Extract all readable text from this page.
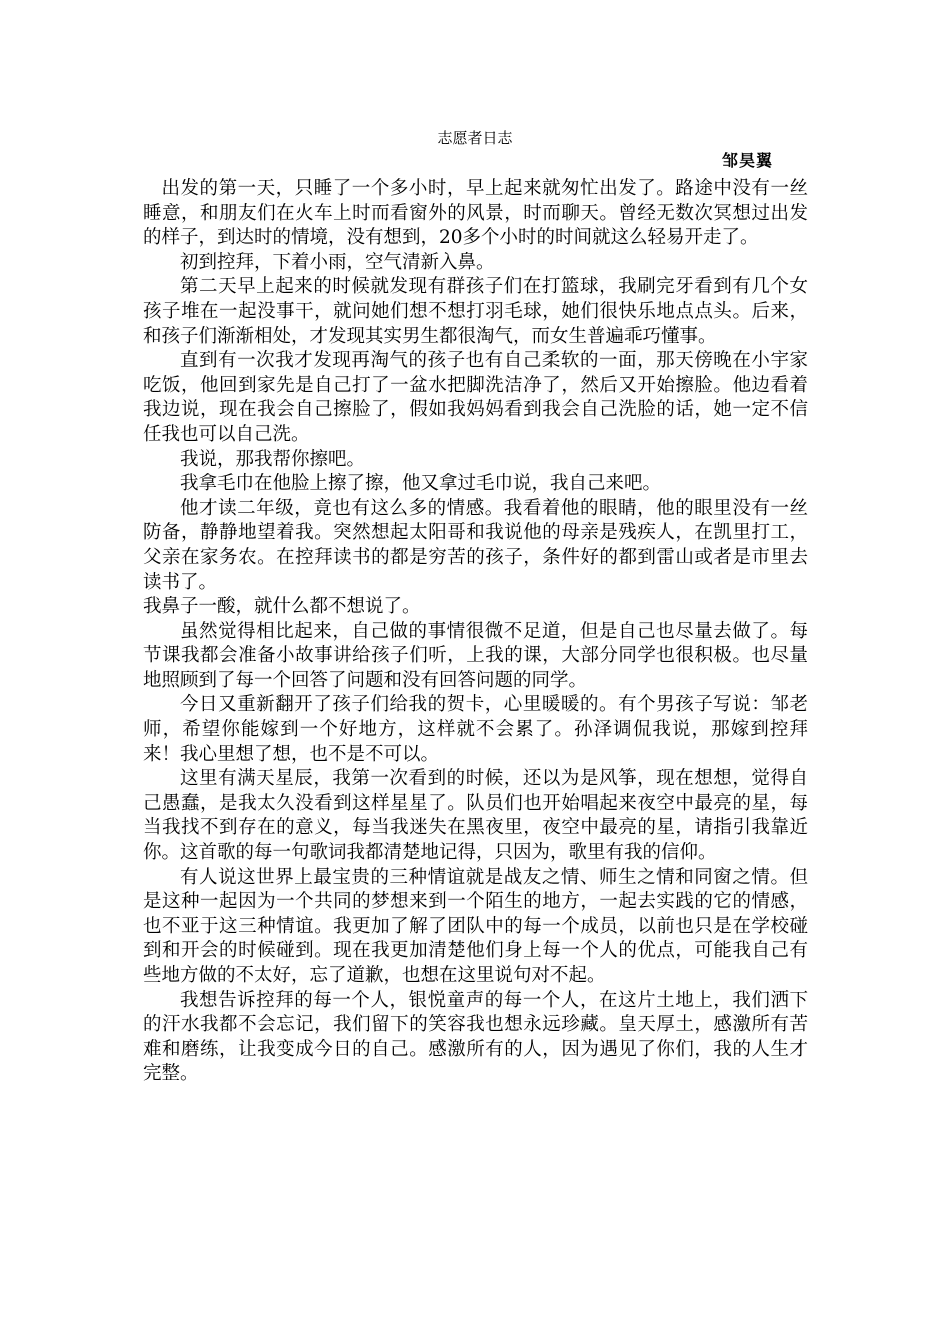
志愿者日志
邹昊翼

出发的第一天，只睡了一个多小时，早上起来就匆忙出发了。路途中没有一丝睡意，和朋友们在火车上时而看窗外的风景，时而聊天。曾经无数次冥想过出发的样子，到达时的情境，没有想到，20多个小时的时间就这么轻易开走了。

初到控拜，下着小雨，空气清新入鼻。

第二天早上起来的时候就发现有群孩子们在打篮球，我刷完牙看到有几个女孩子堆在一起没事干，就问她们想不想打羽毛球，她们很快乐地点点头。后来，和孩子们渐渐相处，才发现其实男生都很淘气，而女生普遍乖巧懂事。

直到有一次我才发现再淘气的孩子也有自己柔软的一面，那天傍晚在小宇家吃饭，他回到家先是自己打了一盆水把脚洗洁净了，然后又开始擦脸。他边看着我边说，现在我会自己擦脸了，假如我妈妈看到我会自己洗脸的话，她一定不信任我也可以自己洗。

我说，那我帮你擦吧。

我拿毛巾在他脸上擦了擦，他又拿过毛巾说，我自己来吧。

他才读二年级，竟也有这么多的情感。我看着他的眼睛，他的眼里没有一丝防备，静静地望着我。突然想起太阳哥和我说他的母亲是残疾人，在凯里打工，父亲在家务农。在控拜读书的都是穷苦的孩子，条件好的都到雷山或者是市里去读书了。

我鼻子一酸，就什么都不想说了。

虽然觉得相比起来，自己做的事情很微不足道，但是自己也尽量去做了。每节课我都会准备小故事讲给孩子们听，上我的课，大部分同学也很积极。也尽量地照顾到了每一个回答了问题和没有回答问题的同学。

今日又重新翻开了孩子们给我的贺卡，心里暖暖的。有个男孩子写说：邹老师，希望你能嫁到一个好地方，这样就不会累了。孙泽调侃我说，那嫁到控拜来！我心里想了想，也不是不可以。

这里有满天星辰，我第一次看到的时候，还以为是风筝，现在想想，觉得自己愚蠢，是我太久没看到这样星星了。队员们也开始唱起来夜空中最亮的星，每当我找不到存在的意义，每当我迷失在黑夜里，夜空中最亮的星，请指引我靠近你。这首歌的每一句歌词我都清楚地记得，只因为，歌里有我的信仰。

有人说这世界上最宝贵的三种情谊就是战友之情、师生之情和同窗之情。但是这种一起因为一个共同的梦想来到一个陌生的地方，一起去实践的它的情感，也不亚于这三种情谊。我更加了解了团队中的每一个成员，以前也只是在学校碰到和开会的时候碰到。现在我更加清楚他们身上每一个人的优点，可能我自己有些地方做的不太好，忘了道歉，也想在这里说句对不起。

我想告诉控拜的每一个人，银悦童声的每一个人，在这片土地上，我们洒下的汗水我都不会忘记，我们留下的笑容我也想永远珍藏。皇天厚土，感激所有苦难和磨练，让我变成今日的自己。感激所有的人，因为遇见了你们，我的人生才完整。
